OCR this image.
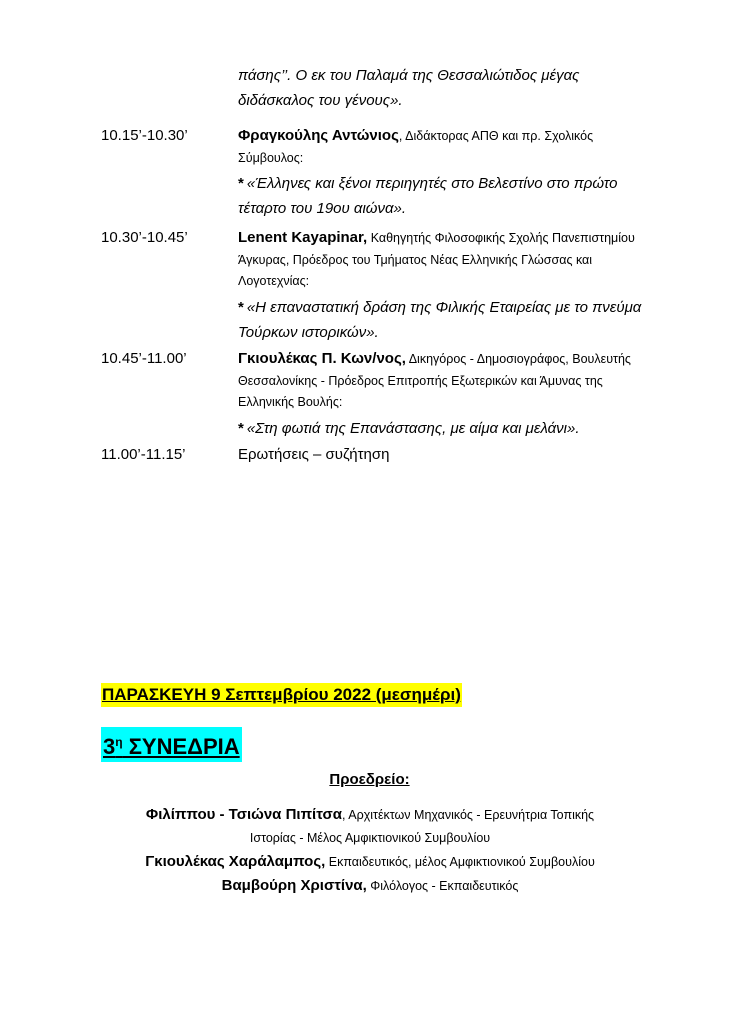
πάσης’’. Ο εκ του Παλαμά της Θεσσαλιώτιδος μέγας
διδάσκαλος του γένους».
10.15’-10.30’	Φραγκούλης Αντώνιος, Διδάκτορας ΑΠΘ και πρ. Σχολικός Σύμβουλος:
* «Έλληνες και ξένοι περιηγητές στο Βελεστίνο στο πρώτο τέταρτο του 19ου αιώνα».
10.30’-10.45’	Lenent Kayapinar, Καθηγητής Φιλοσοφικής Σχολής Πανεπιστημίου Άγκυρας, Πρόεδρος του Τμήματος Νέας Ελληνικής Γλώσσας και Λογοτεχνίας:
* «Η επαναστατική δράση της Φιλικής Εταιρείας με το πνεύμα Τούρκων ιστορικών».
10.45’-11.00’	Γκιουλέκας Π. Κων/νος, Δικηγόρος - Δημοσιογράφος, Βουλευτής Θεσσαλονίκης - Πρόεδρος Επιτροπής Εξωτερικών και Άμυνας της Ελληνικής Βουλής:
* «Στη φωτιά της Επανάστασης, με αίμα και μελάνι».
11.00’-11.15’	Ερωτήσεις – συζήτηση
ΠΑΡΑΣΚΕΥΗ 9 Σεπτεμβρίου 2022 (μεσημέρι)
$3^\eta$ ΣΥΝΕΔΡΙΑ
Προεδρείο:
Φιλίππου - Τσιώνα Πιπίτσα, Αρχιτέκτων Μηχανικός - Ερευνήτρια Τοπικής
Ιστορίας - Μέλος Αμφικτιονικού Συμβουλίου
Γκιουλέκας Χαράλαμπος, Εκπαιδευτικός, μέλος Αμφικτιονικού Συμβουλίου
Βαμβούρη Χριστίνα, Φιλόλογος - Εκπαιδευτικός
